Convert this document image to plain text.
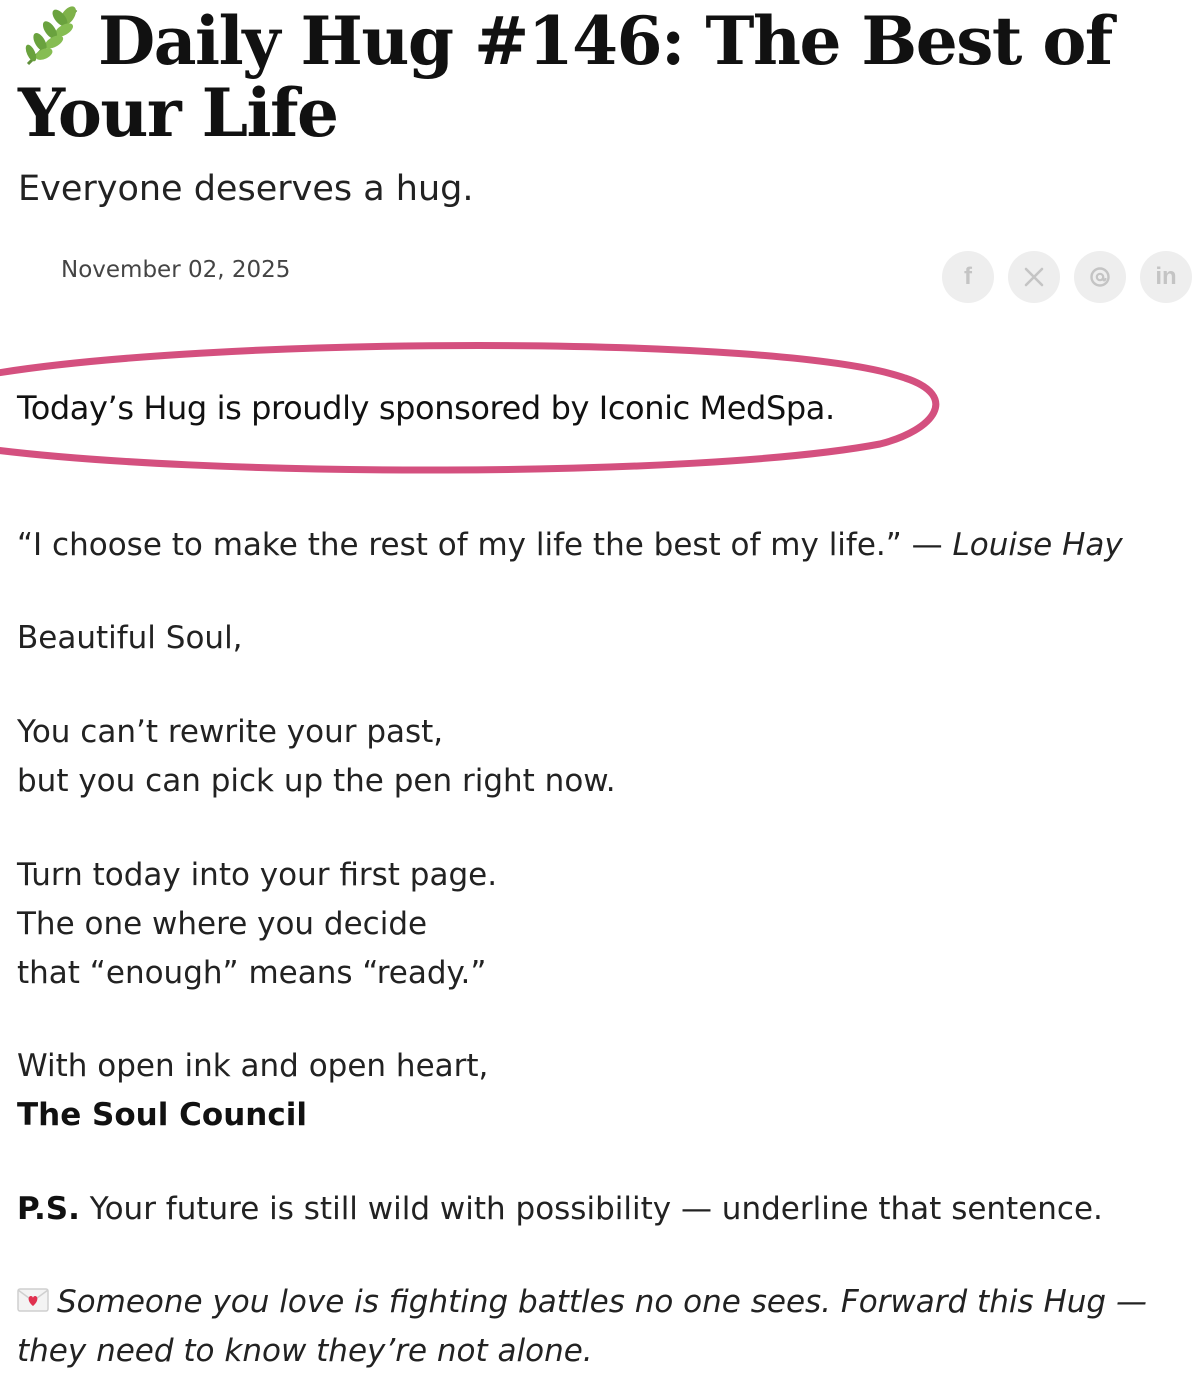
Daily Hug #146: The Best of Your Life

Everyone deserves a hug.

November 02, 2025	f	in
Today’s Hug is proudly sponsored by Iconic MedSpa.

“I choose to make the rest of my life the best of my life.” — Louise Hay

Beautiful Soul,

You can’t rewrite your past,

but you can pick up the pen right now.

Turn today into your first page.

The one where you decide

that “enough” means “ready.”

With open ink and open heart,

The Soul Council

P.S. Your future is still wild with possibility — underline that sentence.

Someone you love is fighting battles no one sees. Forward this Hug — they need to know they’re not alone.
